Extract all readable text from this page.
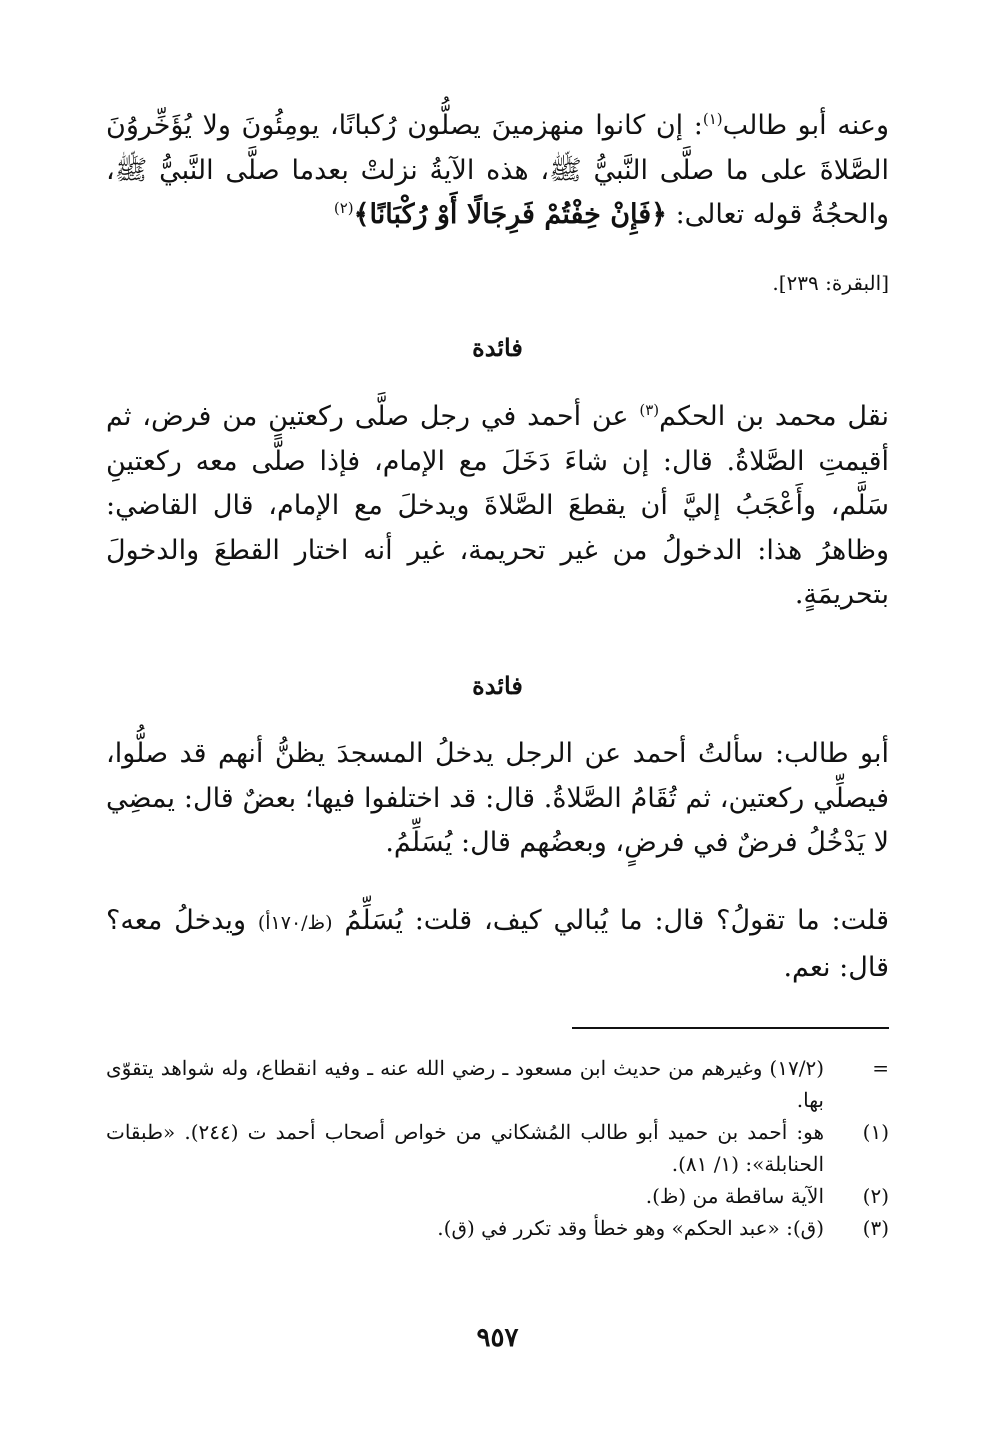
وعنه أبو طالب$^{(١)}$: إن كانوا منهزمينَ يصلُّون رُكبانًا، يومِئُونَ ولا يُؤَخِّروُنَ الصَّلاةَ على ما صلَّى النَّبيُّ ﷺ، هذه الآيةُ نزلتْ بعدما صلَّى النَّبيُّ ﷺ، والحجُةُ قوله تعالى: ﴿فَإِنْ خِفْتُمْ فَرِجَالًا أَوْ رُكْبَانًا﴾$^{(٢)}$
[البقرة: ٢٣٩].
فائدة
نقل محمد بن الحكم$^{(٣)}$ عن أحمد في رجل صلَّى ركعتينِ من فرض، ثم أقيمتِ الصَّلاةُ. قال: إن شاءَ دَخَلَ مع الإمام، فإذا صلَّى معه ركعتينِ سَلَّم، وأَعْجَبُ إليَّ أن يقطعَ الصَّلاةَ ويدخلَ مع الإمام، قال القاضي: وظاهرُ هذا: الدخولُ من غير تحريمة، غير أنه اختار القطعَ والدخولَ بتحريمَةٍ.
فائدة
أبو طالب: سألتُ أحمد عن الرجل يدخلُ المسجدَ يظنُّ أنهم قد صلُّوا، فيصلِّي ركعتين، ثم تُقَامُ الصَّلاةُ. قال: قد اختلفوا فيها؛ بعضٌ قال: يمضِي لا يَدْخُلُ فرضٌ في فرضٍ، وبعضُهم قال: يُسَلِّمُ.
قلت: ما تقولُ؟ قال: ما يُبالي كيف، قلت: يُسَلِّمُ (ظ/١٧٠أ) ويدخلُ معه؟ قال: نعم.
=
(١٧/٢) وغيرهم من حديث ابن مسعود ـ رضي الله عنه ـ وفيه انقطاع، وله شواهد يتقوّى بها.
(١)
هو: أحمد بن حميد أبو طالب المُشكاني من خواص أصحاب أحمد ت (٢٤٤). «طبقات الحنابلة»: (١/ ٨١).
(٢)
الآية ساقطة من (ظ).
(٣)
(ق): «عبد الحكم» وهو خطأ وقد تكرر في (ق).
٩٥٧
